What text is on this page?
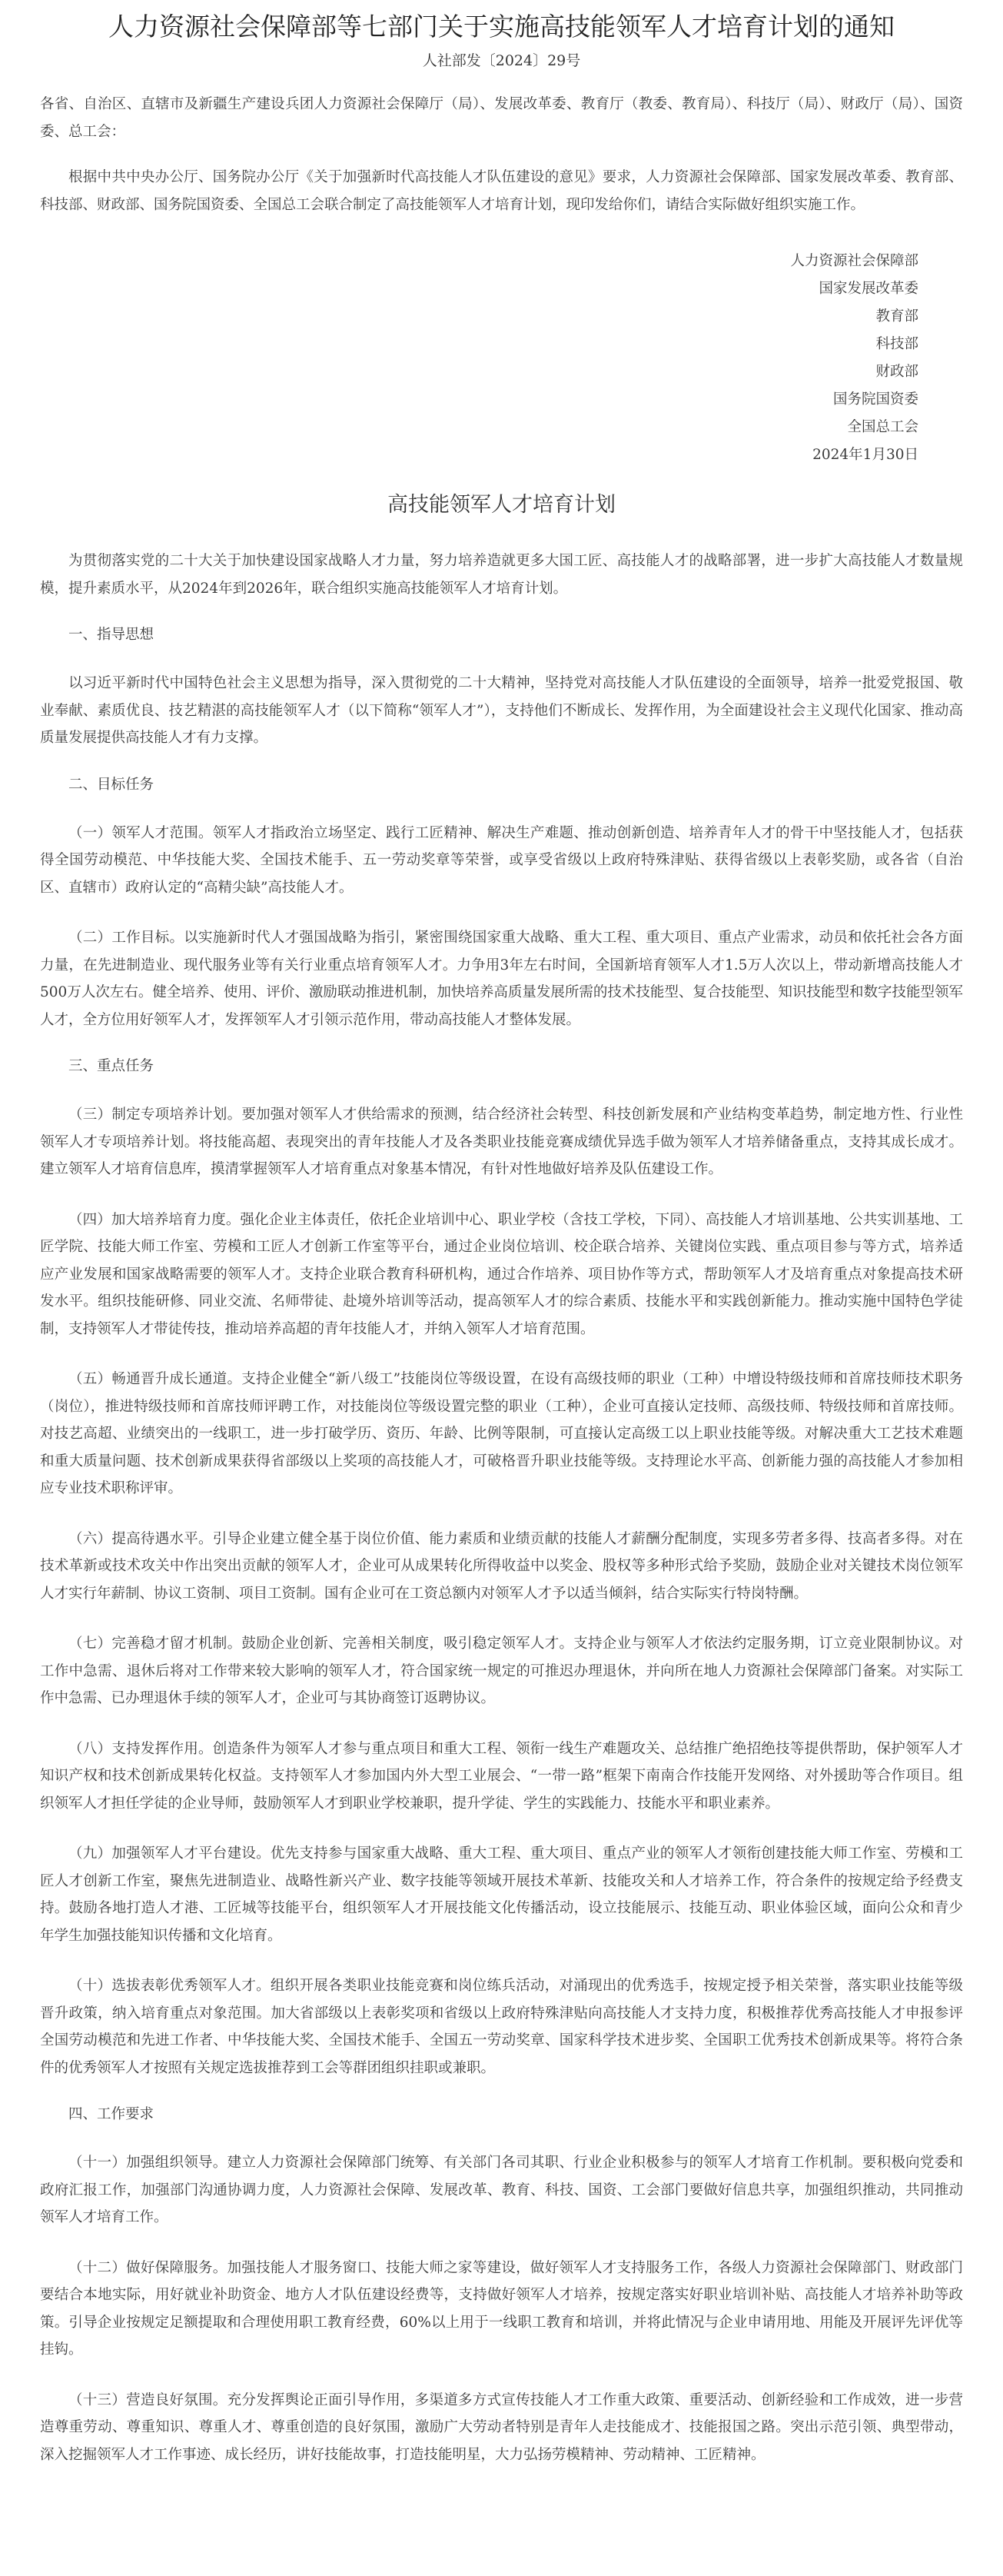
人力资源社会保障部等七部门关于实施高技能领军人才培育计划的通知
人社部发〔2024〕29号

各省、自治区、直辖市及新疆生产建设兵团人力资源社会保障厅（局）、发展改革委、教育厅（教委、教育局）、科技厅（局）、财政厅（局）、国资委、总工会：

根据中共中央办公厅、国务院办公厅《关于加强新时代高技能人才队伍建设的意见》要求，人力资源社会保障部、国家发展改革委、教育部、科技部、财政部、国务院国资委、全国总工会联合制定了高技能领军人才培育计划，现印发给你们，请结合实际做好组织实施工作。

人力资源社会保障部
国家发展改革委
教育部
科技部
财政部
国务院国资委
全国总工会
2024年1月30日
高技能领军人才培育计划

为贯彻落实党的二十大关于加快建设国家战略人才力量，努力培养造就更多大国工匠、高技能人才的战略部署，进一步扩大高技能人才数量规模，提升素质水平，从2024年到2026年，联合组织实施高技能领军人才培育计划。

一、指导思想

以习近平新时代中国特色社会主义思想为指导，深入贯彻党的二十大精神，坚持党对高技能人才队伍建设的全面领导，培养一批爱党报国、敬业奉献、素质优良、技艺精湛的高技能领军人才（以下简称“领军人才”），支持他们不断成长、发挥作用，为全面建设社会主义现代化国家、推动高质量发展提供高技能人才有力支撑。

二、目标任务

（一）领军人才范围。领军人才指政治立场坚定、践行工匠精神、解决生产难题、推动创新创造、培养青年人才的骨干中坚技能人才，包括获得全国劳动模范、中华技能大奖、全国技术能手、五一劳动奖章等荣誉，或享受省级以上政府特殊津贴、获得省级以上表彰奖励，或各省（自治区、直辖市）政府认定的“高精尖缺”高技能人才。

（二）工作目标。以实施新时代人才强国战略为指引，紧密围绕国家重大战略、重大工程、重大项目、重点产业需求，动员和依托社会各方面力量，在先进制造业、现代服务业等有关行业重点培育领军人才。力争用3年左右时间，全国新培育领军人才1.5万人次以上，带动新增高技能人才500万人次左右。健全培养、使用、评价、激励联动推进机制，加快培养高质量发展所需的技术技能型、复合技能型、知识技能型和数字技能型领军人才，全方位用好领军人才，发挥领军人才引领示范作用，带动高技能人才整体发展。

三、重点任务

（三）制定专项培养计划。要加强对领军人才供给需求的预测，结合经济社会转型、科技创新发展和产业结构变革趋势，制定地方性、行业性领军人才专项培养计划。将技能高超、表现突出的青年技能人才及各类职业技能竞赛成绩优异选手做为领军人才培养储备重点，支持其成长成才。建立领军人才培育信息库，摸清掌握领军人才培育重点对象基本情况，有针对性地做好培养及队伍建设工作。

（四）加大培养培育力度。强化企业主体责任，依托企业培训中心、职业学校（含技工学校，下同）、高技能人才培训基地、公共实训基地、工匠学院、技能大师工作室、劳模和工匠人才创新工作室等平台，通过企业岗位培训、校企联合培养、关键岗位实践、重点项目参与等方式，培养适应产业发展和国家战略需要的领军人才。支持企业联合教育科研机构，通过合作培养、项目协作等方式，帮助领军人才及培育重点对象提高技术研发水平。组织技能研修、同业交流、名师带徒、赴境外培训等活动，提高领军人才的综合素质、技能水平和实践创新能力。推动实施中国特色学徒制，支持领军人才带徒传技，推动培养高超的青年技能人才，并纳入领军人才培育范围。

（五）畅通晋升成长通道。支持企业健全“新八级工”技能岗位等级设置，在设有高级技师的职业（工种）中增设特级技师和首席技师技术职务（岗位），推进特级技师和首席技师评聘工作，对技能岗位等级设置完整的职业（工种），企业可直接认定技师、高级技师、特级技师和首席技师。对技艺高超、业绩突出的一线职工，进一步打破学历、资历、年龄、比例等限制，可直接认定高级工以上职业技能等级。对解决重大工艺技术难题和重大质量问题、技术创新成果获得省部级以上奖项的高技能人才，可破格晋升职业技能等级。支持理论水平高、创新能力强的高技能人才参加相应专业技术职称评审。

（六）提高待遇水平。引导企业建立健全基于岗位价值、能力素质和业绩贡献的技能人才薪酬分配制度，实现多劳者多得、技高者多得。对在技术革新或技术攻关中作出突出贡献的领军人才，企业可从成果转化所得收益中以奖金、股权等多种形式给予奖励，鼓励企业对关键技术岗位领军人才实行年薪制、协议工资制、项目工资制。国有企业可在工资总额内对领军人才予以适当倾斜，结合实际实行特岗特酬。

（七）完善稳才留才机制。鼓励企业创新、完善相关制度，吸引稳定领军人才。支持企业与领军人才依法约定服务期，订立竞业限制协议。对工作中急需、退休后将对工作带来较大影响的领军人才，符合国家统一规定的可推迟办理退休，并向所在地人力资源社会保障部门备案。对实际工作中急需、已办理退休手续的领军人才，企业可与其协商签订返聘协议。

（八）支持发挥作用。创造条件为领军人才参与重点项目和重大工程、领衔一线生产难题攻关、总结推广绝招绝技等提供帮助，保护领军人才知识产权和技术创新成果转化权益。支持领军人才参加国内外大型工业展会、“一带一路”框架下南南合作技能开发网络、对外援助等合作项目。组织领军人才担任学徒的企业导师，鼓励领军人才到职业学校兼职，提升学徒、学生的实践能力、技能水平和职业素养。

（九）加强领军人才平台建设。优先支持参与国家重大战略、重大工程、重大项目、重点产业的领军人才领衔创建技能大师工作室、劳模和工匠人才创新工作室，聚焦先进制造业、战略性新兴产业、数字技能等领域开展技术革新、技能攻关和人才培养工作，符合条件的按规定给予经费支持。鼓励各地打造人才港、工匠城等技能平台，组织领军人才开展技能文化传播活动，设立技能展示、技能互动、职业体验区域，面向公众和青少年学生加强技能知识传播和文化培育。

（十）选拔表彰优秀领军人才。组织开展各类职业技能竞赛和岗位练兵活动，对涌现出的优秀选手，按规定授予相关荣誉，落实职业技能等级晋升政策，纳入培育重点对象范围。加大省部级以上表彰奖项和省级以上政府特殊津贴向高技能人才支持力度，积极推荐优秀高技能人才申报参评全国劳动模范和先进工作者、中华技能大奖、全国技术能手、全国五一劳动奖章、国家科学技术进步奖、全国职工优秀技术创新成果等。将符合条件的优秀领军人才按照有关规定选拔推荐到工会等群团组织挂职或兼职。

四、工作要求

（十一）加强组织领导。建立人力资源社会保障部门统筹、有关部门各司其职、行业企业积极参与的领军人才培育工作机制。要积极向党委和政府汇报工作，加强部门沟通协调力度，人力资源社会保障、发展改革、教育、科技、国资、工会部门要做好信息共享，加强组织推动，共同推动领军人才培育工作。

（十二）做好保障服务。加强技能人才服务窗口、技能大师之家等建设，做好领军人才支持服务工作，各级人力资源社会保障部门、财政部门要结合本地实际，用好就业补助资金、地方人才队伍建设经费等，支持做好领军人才培养，按规定落实好职业培训补贴、高技能人才培养补助等政策。引导企业按规定足额提取和合理使用职工教育经费，60%以上用于一线职工教育和培训，并将此情况与企业申请用地、用能及开展评先评优等挂钩。

（十三）营造良好氛围。充分发挥舆论正面引导作用，多渠道多方式宣传技能人才工作重大政策、重要活动、创新经验和工作成效，进一步营造尊重劳动、尊重知识、尊重人才、尊重创造的良好氛围，激励广大劳动者特别是青年人走技能成才、技能报国之路。突出示范引领、典型带动，深入挖掘领军人才工作事迹、成长经历，讲好技能故事，打造技能明星，大力弘扬劳模精神、劳动精神、工匠精神。
